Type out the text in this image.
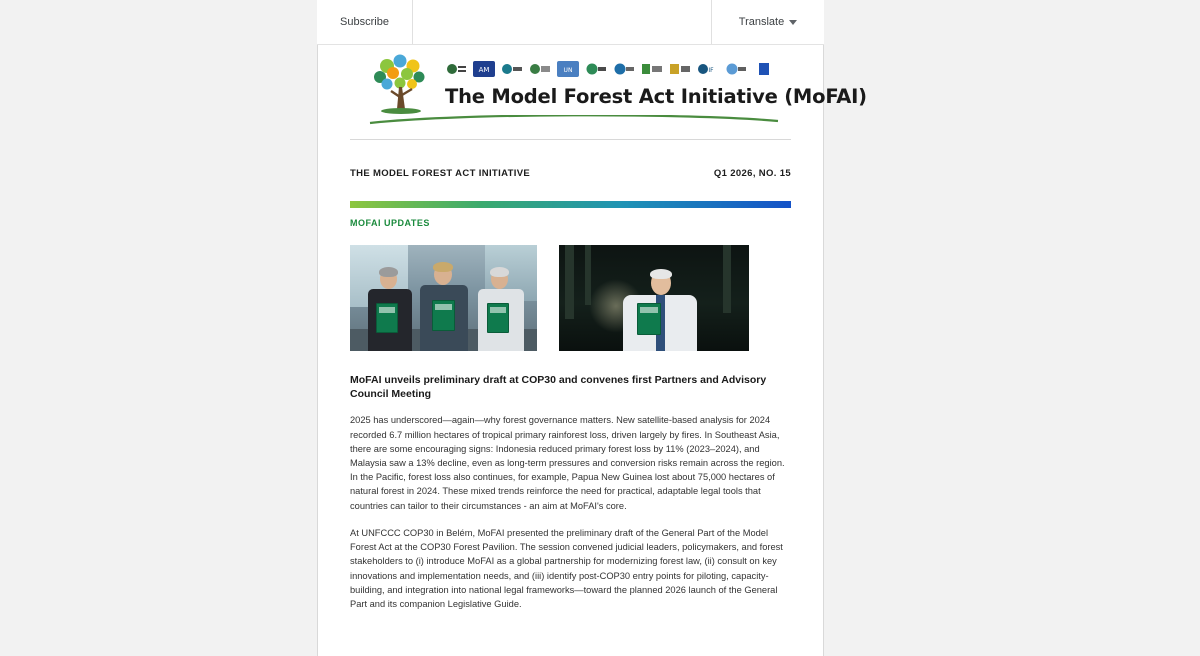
AM	UN	IF
The Model Forest Act Initiative (MoFAI)
THE MODEL FOREST ACT INITIATIVE	Q1 2026, NO. 15
MOFAI UPDATES
MoFAI unveils preliminary draft at COP30 and convenes first Partners and Advisory Council Meeting
2025 has underscored—again—why forest governance matters. New satellite-based analysis for 2024 recorded 6.7 million hectares of tropical primary rainforest loss, driven largely by fires. In Southeast Asia, there are some encouraging signs: Indonesia reduced primary forest loss by 11% (2023–2024), and Malaysia saw a 13% decline, even as long-term pressures and conversion risks remain across the region. In the Pacific, forest loss also continues, for example, Papua New Guinea lost about 75,000 hectares of natural forest in 2024. These mixed trends reinforce the need for practical, adaptable legal tools that countries can tailor to their circumstances - an aim at MoFAI's core.
At UNFCCC COP30 in Belém, MoFAI presented the preliminary draft of the General Part of the Model Forest Act at the COP30 Forest Pavilion. The session convened judicial leaders, policymakers, and forest stakeholders to (i) introduce MoFAI as a global partnership for modernizing forest law, (ii) consult on key innovations and implementation needs, and (iii) identify post-COP30 entry points for piloting, capacity-building, and integration into national legal frameworks—toward the planned 2026 launch of the General Part and its companion Legislative Guide.
Subscribe	Translate
